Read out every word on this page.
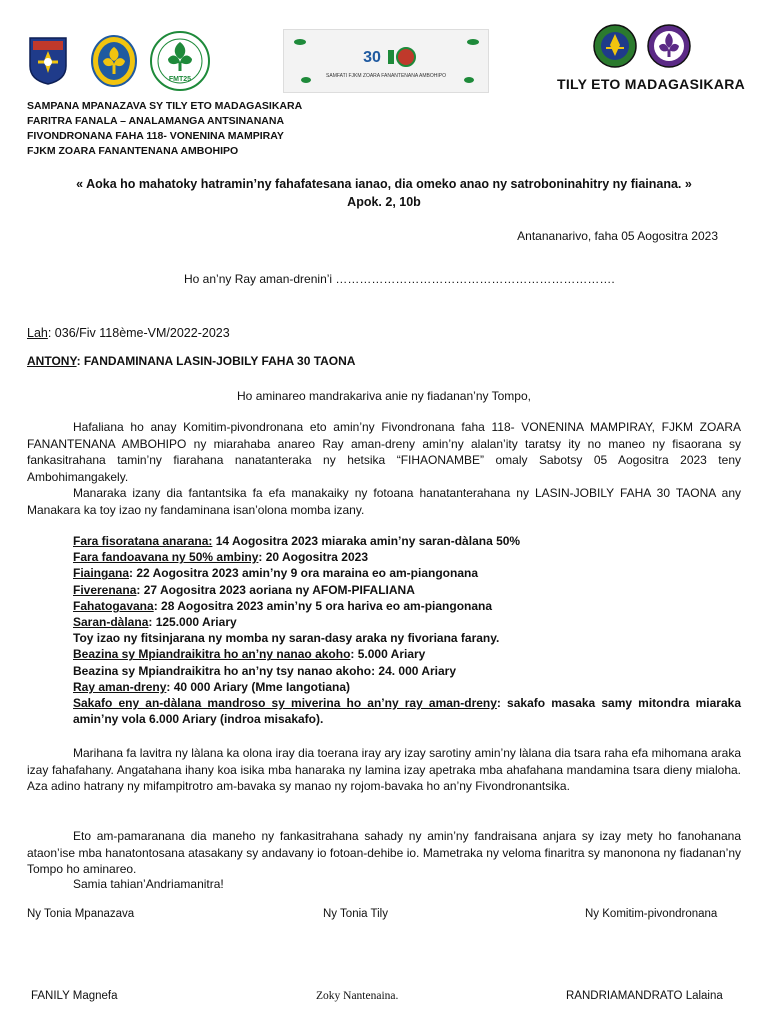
FMT25
30
SAMFATI FJKM ZOARA FANANTENANA AMBOHIPO	TILY ETO MADAGASIKARA
SAMPANA MPANAZAVA SY TILY ETO MADAGASIKARA
FARITRA FANALA – ANALAMANGA ANTSINANANA
FIVONDRONANA FAHA 118- VONENINA MAMPIRAY
FJKM ZOARA FANANTENANA AMBOHIPO
« Aoka ho mahatoky hatramin’ny fahafatesana ianao, dia omeko anao ny satroboninahitry ny fiainana. »
Apok. 2, 10b
Antananarivo, faha 05 Aogositra 2023
Ho an’ny Ray aman-drenin’i …………………………………………………………….
Lah: 036/Fiv 118ème-VM/2022-2023
ANTONY: FANDAMINANA LASIN-JOBILY FAHA 30 TAONA
Ho aminareo mandrakariva anie ny fiadanan’ny Tompo,
Hafaliana ho anay Komitim-pivondronana eto amin’ny Fivondronana faha 118- VONENINA MAMPIRAY, FJKM ZOARA FANANTENANA AMBOHIPO ny miarahaba anareo Ray aman-dreny amin’ny alalan’ity taratsy ity no maneo ny fisaorana sy fankasitrahana tamin’ny fiarahana nanatanteraka ny hetsika “FIHAONAMBE” omaly Sabotsy 05 Aogositra 2023 teny Ambohimangakely.
Manaraka izany dia fantantsika fa efa manakaiky ny fotoana hanatanterahana ny LASIN-JOBILY FAHA 30 TAONA any Manakara ka toy izao ny fandaminana isan’olona momba izany.
Fara fisoratana anarana: 14 Aogositra 2023 miaraka amin’ny saran-dàlana 50%
Fara fandoavana ny 50% ambiny: 20 Aogositra 2023
Fiaingana: 22 Aogositra 2023 amin’ny 9 ora maraina eo am-piangonana
Fiverenana: 27 Aogositra 2023 aoriana ny AFOM-PIFALIANA
Fahatogavana: 28 Aogositra 2023 amin’ny 5 ora hariva eo am-piangonana
Saran-dàlana: 125.000 Ariary
Toy izao ny fitsinjarana ny momba ny saran-dasy araka ny fivoriana farany.
Beazina sy Mpiandraikitra ho an’ny nanao akoho: 5.000 Ariary
Beazina sy Mpiandraikitra ho an’ny tsy nanao akoho: 24. 000 Ariary
Ray aman-dreny: 40 000 Ariary (Mme Iangotiana)
Sakafo eny an-dàlana mandroso sy miverina ho an’ny ray aman-dreny: sakafo masaka samy mitondra miaraka amin’ny vola 6.000 Ariary (indroa misakafo).
Marihana fa lavitra ny làlana ka olona iray dia toerana iray ary izay sarotiny amin’ny làlana dia tsara raha efa mihomana araka izay fahafahany. Angatahana ihany koa isika mba hanaraka ny lamina izay apetraka mba ahafahana mandamina tsara dieny mialoha. Aza adino hatrany ny mifampitrotro am-bavaka sy manao ny rojom-bavaka ho an’ny Fivondronantsika.
Eto am-pamaranana dia maneho ny fankasitrahana sahady ny amin’ny fandraisana anjara sy izay mety ho fanohanana ataon’ise mba hanatontosana atasakany sy andavany io fotoan-dehibe io. Mametraka ny veloma finaritra sy manonona ny fiadanan’ny Tompo ho aminareo.
Samia tahian’Andriamanitra!
Ny Tonia Mpanazava	Ny Tonia Tily	Ny Komitim-pivondronana
FANILY Magnefa	Zoky Nantenaina.	RANDRIAMANDRATO Lalaina
